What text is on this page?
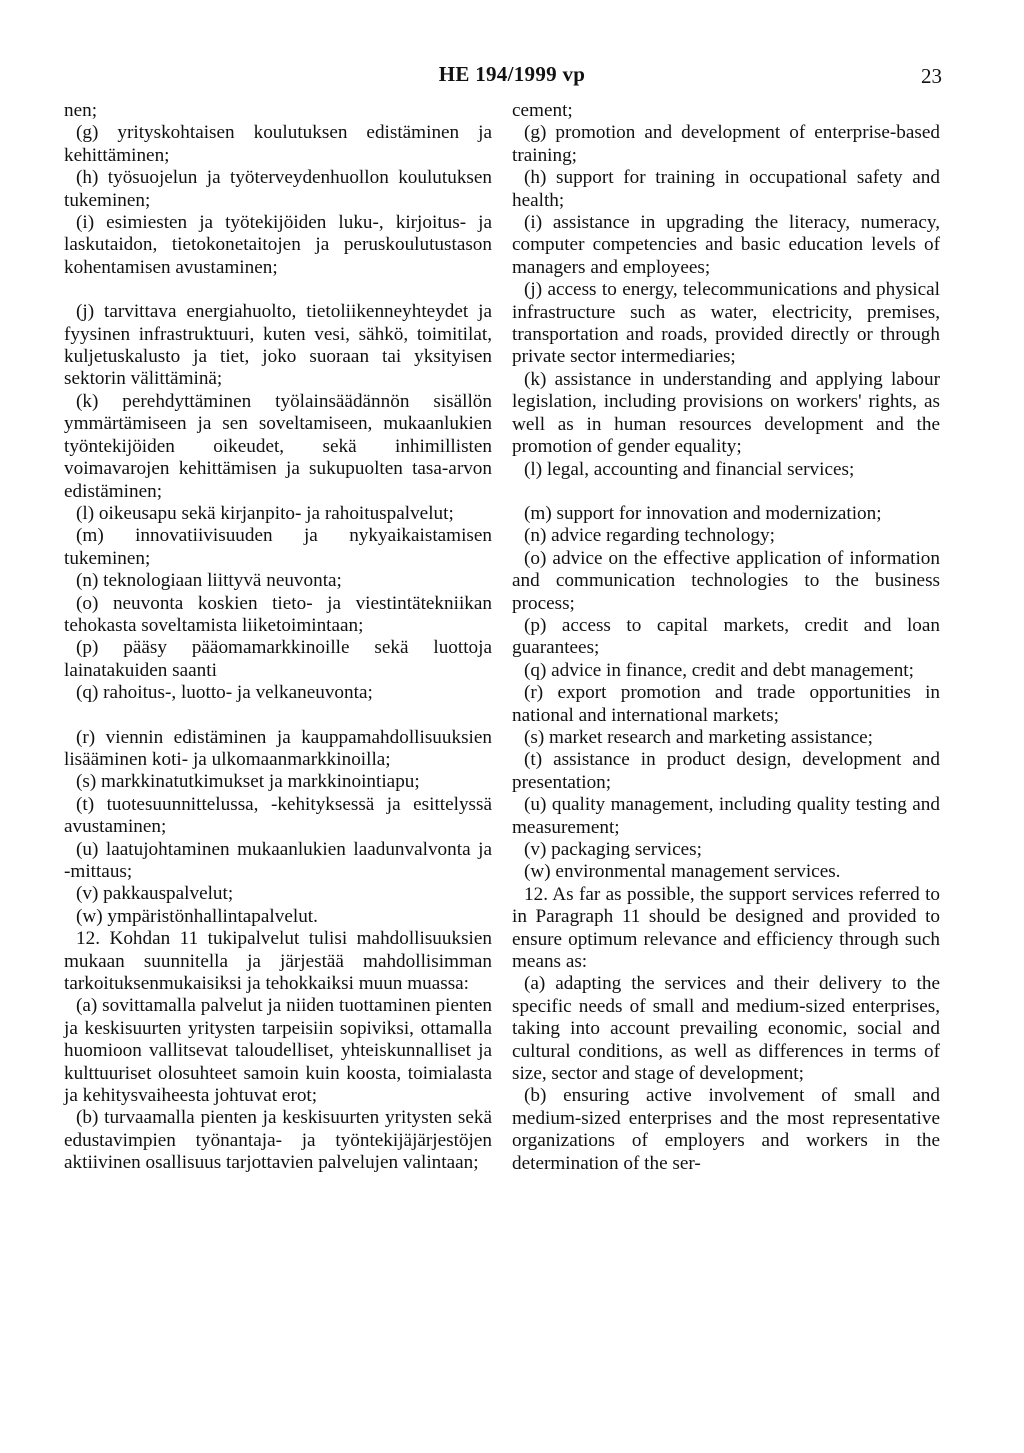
HE 194/1999 vp	23

nen;

(g) yrityskohtaisen koulutuksen edistäminen ja kehittäminen;

(h) työsuojelun ja työterveydenhuollon koulutuksen tukeminen;

(i) esimiesten ja työtekijöiden luku-, kirjoitus- ja laskutaidon, tietokonetaitojen ja peruskoulutustason kohentamisen avustaminen;

(j) tarvittava energiahuolto, tietoliikenneyhteydet ja fyysinen infrastruktuuri, kuten vesi, sähkö, toimitilat, kuljetuskalusto ja tiet, joko suoraan tai yksityisen sektorin välittäminä;

(k) perehdyttäminen työlainsäädännön sisällön ymmärtämiseen ja sen soveltamiseen, mukaanlukien työntekijöiden oikeudet, sekä inhimillisten voimavarojen kehittämisen ja sukupuolten tasa-arvon edistäminen;

(l) oikeusapu sekä kirjanpito- ja rahoituspalvelut;

(m) innovatiivisuuden ja nykyaikaistamisen tukeminen;

(n) teknologiaan liittyvä neuvonta;

(o) neuvonta koskien tieto- ja viestintätekniikan tehokasta soveltamista liiketoimintaan;

(p) pääsy pääomamarkkinoille sekä luottoja lainatakuiden saanti

(q) rahoitus-, luotto- ja velkaneuvonta;

(r) viennin edistäminen ja kauppamahdollisuuksien lisääminen koti- ja ulkomaanmarkkinoilla;

(s) markkinatutkimukset ja markkinointiapu;

(t) tuotesuunnittelussa, -kehityksessä ja esittelyssä avustaminen;

(u) laatujohtaminen mukaanlukien laadunvalvonta ja -mittaus;

(v) pakkauspalvelut;

(w) ympäristönhallintapalvelut.

12. Kohdan 11 tukipalvelut tulisi mahdollisuuksien mukaan suunnitella ja järjestää mahdollisimman tarkoituksenmukaisiksi ja tehokkaiksi muun muassa:

(a) sovittamalla palvelut ja niiden tuottaminen pienten ja keskisuurten yritysten tarpeisiin sopiviksi, ottamalla huomioon vallitsevat taloudelliset, yhteiskunnalliset ja kulttuuriset olosuhteet samoin kuin koosta, toimialasta ja kehitysvaiheesta johtuvat erot;

(b) turvaamalla pienten ja keskisuurten yritysten sekä edustavimpien työnantaja- ja työntekijäjärjestöjen aktiivinen osallisuus tarjottavien palvelujen valintaan;

cement;

(g) promotion and development of enterprise-based training;

(h) support for training in occupational safety and health;

(i) assistance in upgrading the literacy, numeracy, computer competencies and basic education levels of managers and employees;

(j) access to energy, telecommunications and physical infrastructure such as water, electricity, premises, transportation and roads, provided directly or through private sector intermediaries;

(k) assistance in understanding and applying labour legislation, including provisions on workers' rights, as well as in human resources development and the promotion of gender equality;

(l) legal, accounting and financial services;

(m) support for innovation and modernization;

(n) advice regarding technology;

(o) advice on the effective application of information and communication technologies to the business process;

(p) access to capital markets, credit and loan guarantees;

(q) advice in finance, credit and debt management;

(r) export promotion and trade opportunities in national and international markets;

(s) market research and marketing assistance;

(t) assistance in product design, development and presentation;

(u) quality management, including quality testing and measurement;

(v) packaging services;

(w) environmental management services.

12. As far as possible, the support services referred to in Paragraph 11 should be designed and provided to ensure optimum relevance and efficiency through such means as:

(a) adapting the services and their delivery to the specific needs of small and medium-sized enterprises, taking into account prevailing economic, social and cultural conditions, as well as differences in terms of size, sector and stage of development;

(b) ensuring active involvement of small and medium-sized enterprises and the most representative organizations of employers and workers in the determination of the ser-
